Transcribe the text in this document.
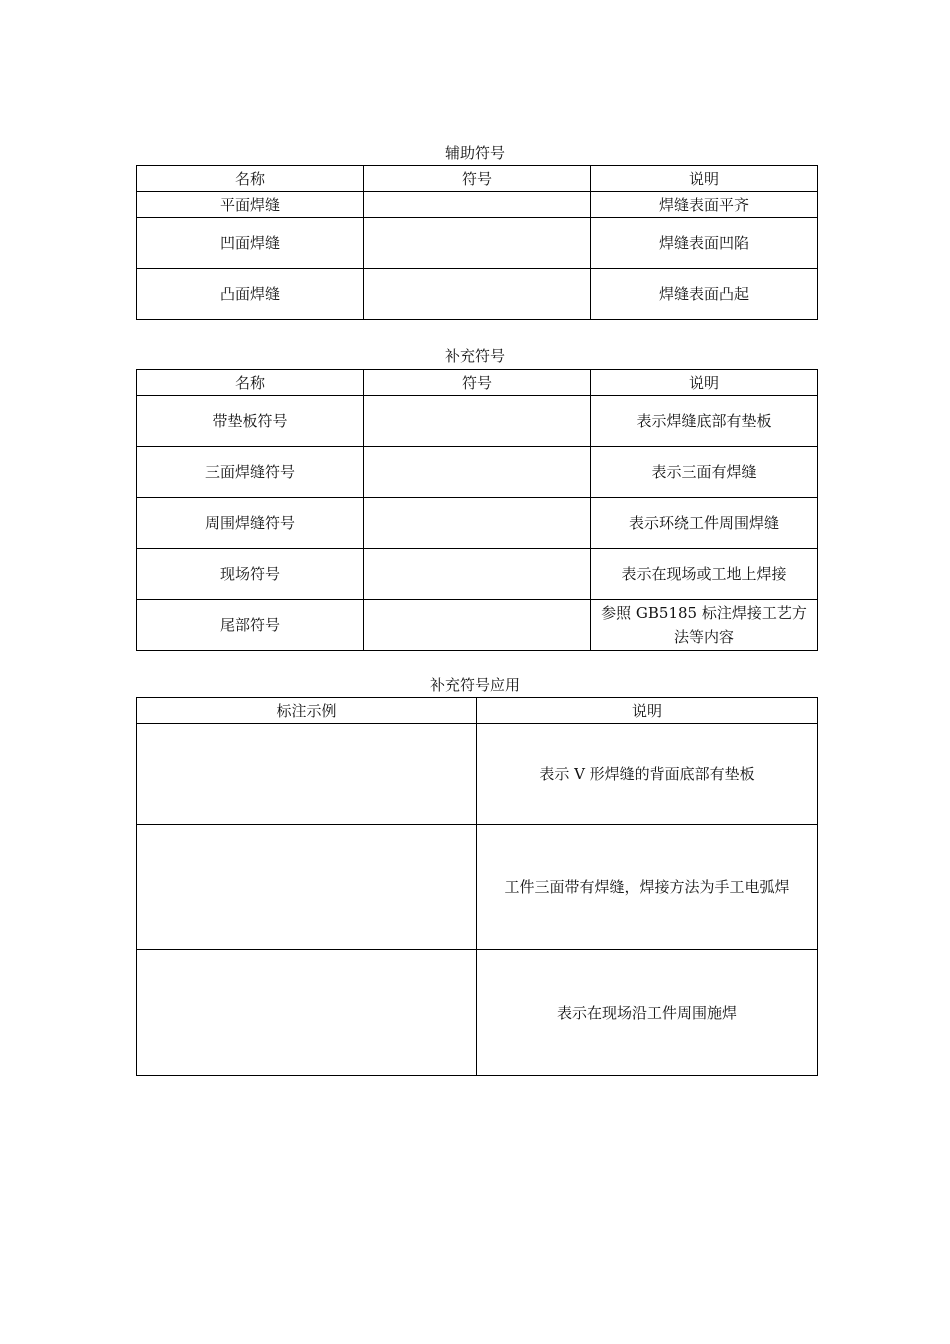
辅助符号
名称	符号	说明
平面焊缝		焊缝表面平齐
凹面焊缝		焊缝表面凹陷
凸面焊缝		焊缝表面凸起
补充符号
名称	符号	说明
带垫板符号		表示焊缝底部有垫板
三面焊缝符号		表示三面有焊缝
周围焊缝符号		表示环绕工件周围焊缝
现场符号		表示在现场或工地上焊接
尾部符号		参照 GB5185 标注焊接工艺方法等内容
补充符号应用
标注示例	说明
	表示 V 形焊缝的背面底部有垫板
	工件三面带有焊缝，焊接方法为手工电弧焊
	表示在现场沿工件周围施焊
